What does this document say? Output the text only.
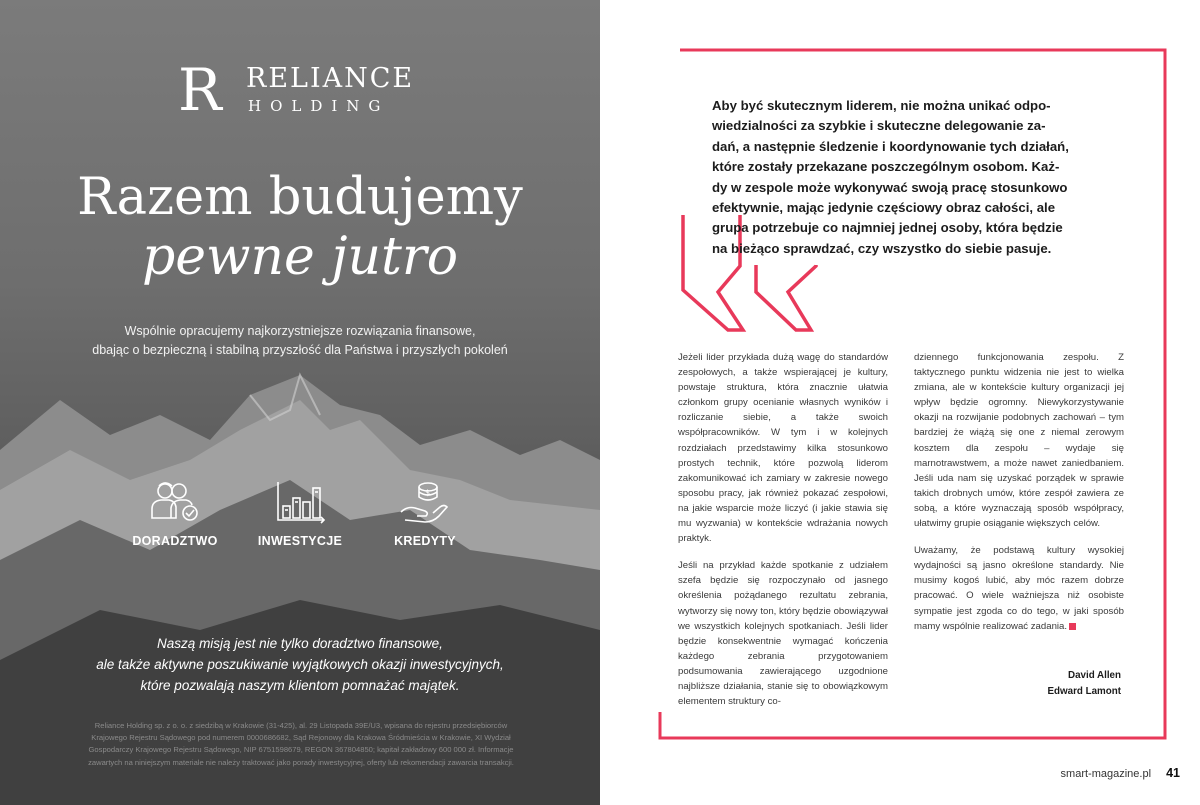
R RELIANCE
HOLDING
Razem budujemy
pewne jutro
Wspólnie opracujemy najkorzystniejsze rozwiązania finansowe,
dbając o bezpieczną i stabilną przyszłość dla Państwa i przyszłych pokoleń
DORADZTWO	INWESTYCJE
$
KREDYTY
Naszą misją jest nie tylko doradztwo finansowe,
ale także aktywne poszukiwanie wyjątkowych okazji inwestycyjnych,
które pozwalają naszym klientom pomnażać majątek.
Reliance Holding sp. z o. o. z siedzibą w Krakowie (31-425), al. 29 Listopada 39E/U3, wpisana do rejestru przedsiębiorców
Krajowego Rejestru Sądowego pod numerem 0000686682, Sąd Rejonowy dla Krakowa Śródmieścia w Krakowie, XI Wydział
Gospodarczy Krajowego Rejestru Sądowego, NIP 6751598679, REGON 367804850; kapitał zakładowy 600 000 zł. Informacje
zawartych na niniejszym materiale nie należy traktować jako porady inwestycyjnej, oferty lub rekomendacji zawarcia transakcji.
Aby być skutecznym liderem, nie można unikać odpo-
wiedzialności za szybkie i skuteczne delegowanie za-
dań, a następnie śledzenie i koordynowanie tych działań,
które zostały przekazane poszczególnym osobom. Każ-
dy w zespole może wykonywać swoją pracę stosunkowo
efektywnie, mając jedynie częściowy obraz całości, ale
grupa potrzebuje co najmniej jednej osoby, która będzie
na bieżąco sprawdzać, czy wszystko do siebie pasuje.

Jeżeli lider przykłada dużą wagę do standardów zespołowych, a także wspierającej je kultury, powstaje struktura, która znacznie ułatwia członkom grupy ocenianie własnych wyników i rozliczanie siebie, a także swoich współpracowników. W tym i w kolejnych rozdziałach przedstawimy kilka stosunkowo prostych technik, które pozwolą liderom zakomunikować ich zamiary w zakresie nowego sposobu pracy, jak również pokazać zespołowi, na jakie wsparcie może liczyć (i jakie stawia się mu wyzwania) w kontekście wdrażania nowych praktyk.

Jeśli na przykład każde spotkanie z udziałem szefa będzie się rozpoczynało od jasnego określenia pożądanego rezultatu zebrania, wytworzy się nowy ton, który będzie obowiązywał we wszystkich kolejnych spotkaniach. Jeśli lider będzie konsekwentnie wymagać kończenia każdego zebrania przygotowaniem podsumowania zawierającego uzgodnione najbliższe działania, stanie się to obowiązkowym elementem struktury co-

dziennego funkcjonowania zespołu. Z taktycznego punktu widzenia nie jest to wielka zmiana, ale w kontekście kultury organizacji jej wpływ będzie ogromny. Niewykorzystywanie okazji na rozwijanie podobnych zachowań – tym bardziej że wiążą się one z niemal zerowym kosztem dla zespołu – wydaje się marnotrawstwem, a może nawet zaniedbaniem. Jeśli uda nam się uzyskać porządek w sprawie takich drobnych umów, które zespół zawiera ze sobą, a które wyznaczają sposób współpracy, ułatwimy grupie osiąganie większych celów.

Uważamy, że podstawą kultury wysokiej wydajności są jasno określone standardy. Nie musimy kogoś lubić, aby móc razem dobrze pracować. O wiele ważniejsza niż osobiste sympatie jest zgoda co do tego, w jaki sposób mamy wspólnie realizować zadania.

David Allen
Edward Lamont
smart-magazine.pl 41
